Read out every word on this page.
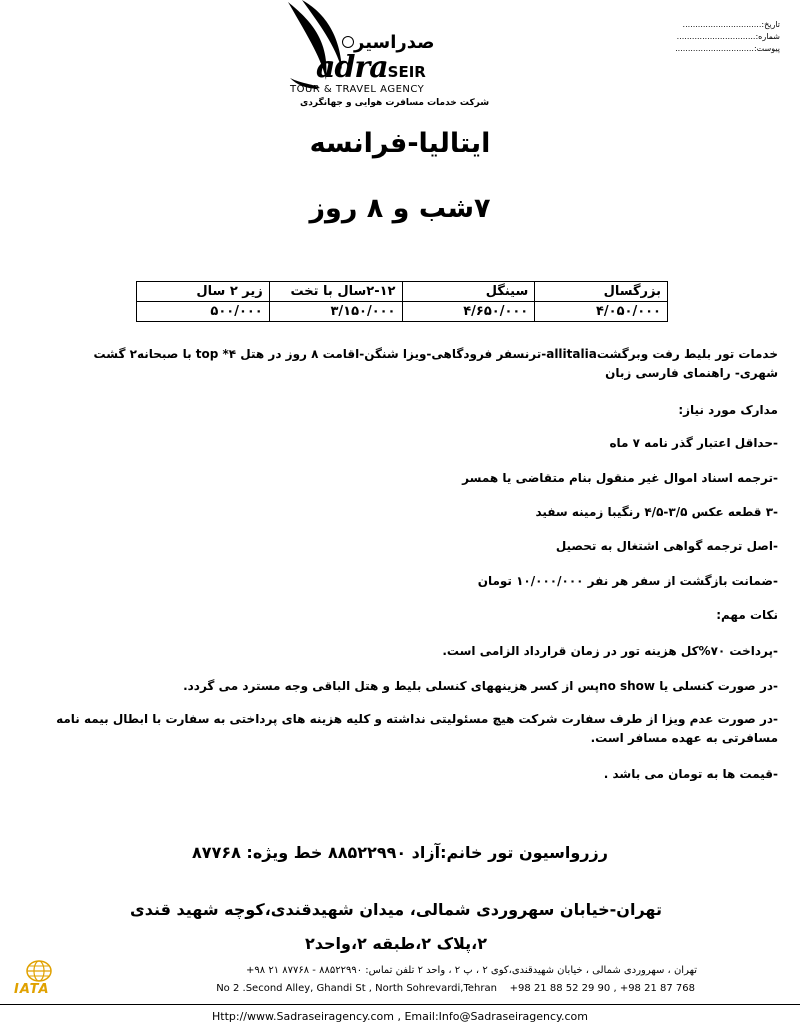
صدراسیر
adraSEIR
TOUR & TRAVEL AGENCY
شرکت خدمات مسافرت هوایی و جهانگردی
تاریخ:...............................
شماره:...............................
پیوست:...............................
ایتالیا-فرانسه
۷شب و ۸ روز
بزرگسال	سینگل	۲-۱۲سال با تخت	زیر ۲ سال
۴/۰۵۰/۰۰۰	۴/۶۵۰/۰۰۰	۳/۱۵۰/۰۰۰	۵۰۰/۰۰۰
خدمات تور بلیط رفت وبرگشتallitalia-ترنسفر فرودگاهی-ویزا شنگن-اقامت ۸ روز در هتل ۴* top با صبحانه۲ گشت شهری- راهنمای فارسی زبان
مدارک مورد نیاز:
-حداقل اعتبار گذر نامه ۷ ماه
-ترجمه اسناد اموال غیر منقول بنام متقاضی یا همسر
-۳ قطعه عکس ۳/۵-۴/۵ رنگیبا زمینه سفید
-اصل ترجمه گواهی اشتغال به تحصیل
-ضمانت بازگشت از سفر هر نفر ۱۰/۰۰۰/۰۰۰ تومان
نکات مهم:
-پرداخت ۷۰%کل هزینه تور در زمان قرارداد الزامی است.
-در صورت کنسلی یا no showپس از کسر هزینههای کنسلی بلیط و هتل الباقی وجه مسترد می گردد.
-در صورت عدم ویزا از طرف سفارت شرکت هیچ مسئولیتی نداشته و کلیه هزینه های پرداختی به سفارت با ابطال بیمه نامه مسافرتی به عهده مسافر است.
-قیمت ها به تومان می باشد .
رزرواسیون تور خانم:آزاد ۸۸۵۲۲۹۹۰ خط ویژه: ۸۷۷۶۸
تهران-خیابان سهروردی شمالی، میدان شهیدقندی،کوچه شهید قندی ۲،پلاک ۲،طبقه ۲،واحد۲
IATA
تهران ، سهروردی شمالی ، خیابان شهیدقندی،کوی ۲ ، پ ۲ ، واحد ۲ تلفن تماس: ۸۸۵۲۲۹۹۰ - ۸۷۷۶۸ ۲۱ ۹۸+
No 2 .Second Alley, Ghandi St , North Sohrevardi,Tehran +98 21 88 52 29 90 , +98 21 87 768
Http://www.Sadraseiragency.com , Email:Info@Sadraseiragency.com
